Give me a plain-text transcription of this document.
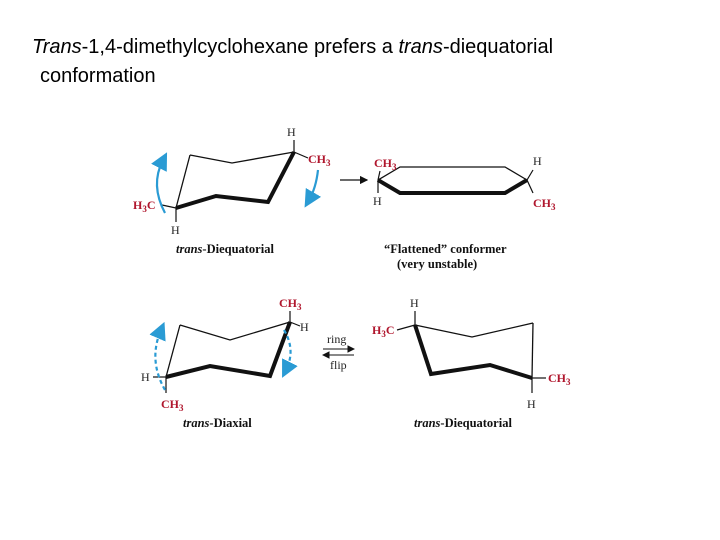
Trans-1,4-dimethylcyclohexane prefers a trans-diequatorial
conformation
H
$CH_3$
$H_3C$
H
trans-Diequatorial
$CH_3$
H
H
$CH_3$
“Flattened” conformer
(very unstable)
$CH_3$
H
H
$CH_3$
trans-Diaxial
ring
flip
H
$H_3C$
$CH_3$
H
trans-Diequatorial
